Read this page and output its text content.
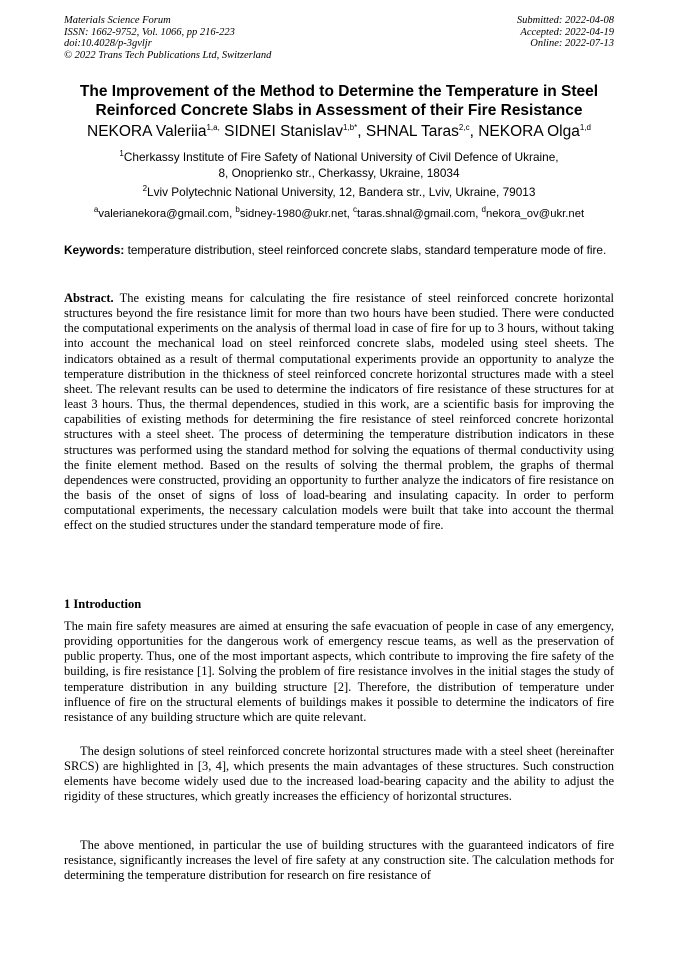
Materials Science Forum
ISSN: 1662-9752, Vol. 1066, pp 216-223
doi:10.4028/p-3gvljr
© 2022 Trans Tech Publications Ltd, Switzerland
Submitted: 2022-04-08
Accepted: 2022-04-19
Online: 2022-07-13
The Improvement of the Method to Determine the Temperature in Steel
Reinforced Concrete Slabs in Assessment of their Fire Resistance
NEKORA Valeriia$^{1,a,}$ SIDNEI Stanislav$^{1,b*}$, SHNAL Taras$^{2,c}$, NEKORA Olga$^{1,d}$
$^1$Cherkassy Institute of Fire Safety of National University of Civil Defence of Ukraine,
8, Onoprienko str., Cherkassy, Ukraine, 18034
$^2$Lviv Polytechnic National University, 12, Bandera str., Lviv, Ukraine, 79013
$^a$valerianekora@gmail.com, $^b$sidney-1980@ukr.net, $^c$taras.shnal@gmail.com, $^d$nekora_ov@ukr.net
Keywords: temperature distribution, steel reinforced concrete slabs, standard temperature mode of fire.
Abstract. The existing means for calculating the fire resistance of steel reinforced concrete horizontal structures beyond the fire resistance limit for more than two hours have been studied. There were conducted the computational experiments on the analysis of thermal load in case of fire for up to 3 hours, without taking into account the mechanical load on steel reinforced concrete slabs, modeled using steel sheets. The indicators obtained as a result of thermal computational experiments provide an opportunity to analyze the temperature distribution in the thickness of steel reinforced concrete horizontal structures made with a steel sheet. The relevant results can be used to determine the indicators of fire resistance of these structures for at least 3 hours. Thus, the thermal dependences, studied in this work, are a scientific basis for improving the capabilities of existing methods for determining the fire resistance of steel reinforced concrete horizontal structures with a steel sheet. The process of determining the temperature distribution indicators in these structures was performed using the standard method for solving the equations of thermal conductivity using the finite element method. Based on the results of solving the thermal problem, the graphs of thermal dependences were constructed, providing an opportunity to further analyze the indicators of fire resistance on the basis of the onset of signs of loss of load-bearing and insulating capacity. In order to perform computational experiments, the necessary calculation models were built that take into account the thermal effect on the studied structures under the standard temperature mode of fire.
1 Introduction
The main fire safety measures are aimed at ensuring the safe evacuation of people in case of any emergency, providing opportunities for the dangerous work of emergency rescue teams, as well as the preservation of public property. Thus, one of the most important aspects, which contribute to improving the fire safety of the building, is fire resistance [1]. Solving the problem of fire resistance involves in the initial stages the study of temperature distribution in any building structure [2]. Therefore, the distribution of temperature under influence of fire on the structural elements of buildings makes it possible to determine the indicators of fire resistance of any building structure which are quite relevant.
The design solutions of steel reinforced concrete horizontal structures made with a steel sheet (hereinafter SRCS) are highlighted in [3, 4], which presents the main advantages of these structures. Such construction elements have become widely used due to the increased load-bearing capacity and the ability to adjust the rigidity of these structures, which greatly increases the efficiency of horizontal structures.
The above mentioned, in particular the use of building structures with the guaranteed indicators of fire resistance, significantly increases the level of fire safety at any construction site. The calculation methods for determining the temperature distribution for research on fire resistance of
